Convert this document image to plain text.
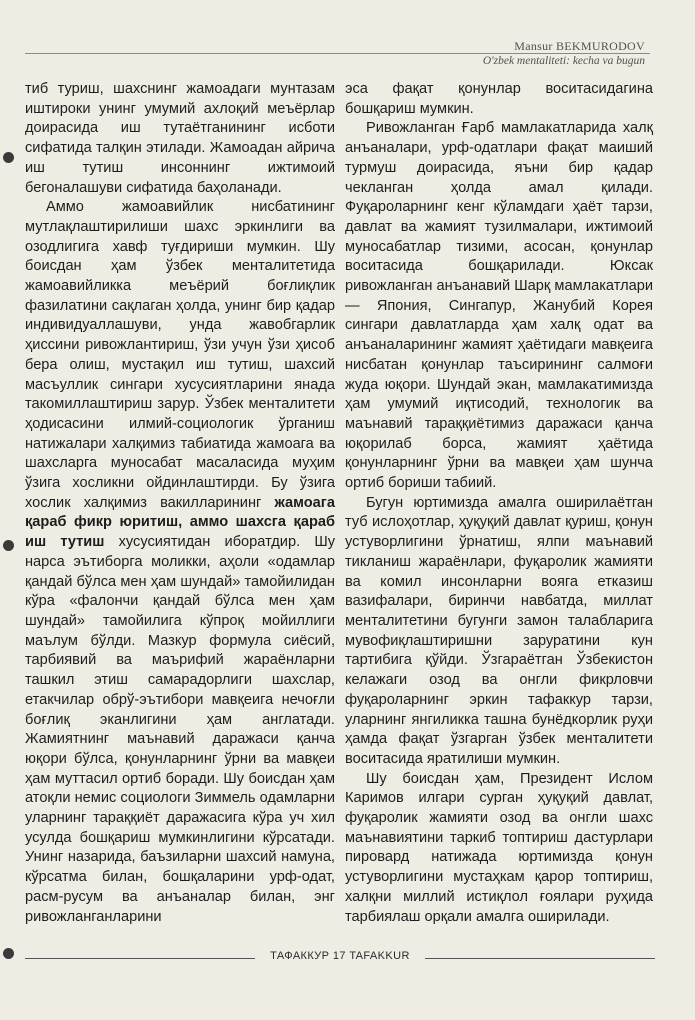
Mansur BEKMURODOV
O'zbek mentaliteti: kecha va bugun

тиб туриш, шахснинг жамоадаги мунтазам иштироки унинг умумий ахлоқий меъёрлар доирасида иш тутаётганининг исботи сифатида талқин этилади. Жамоадан айрича иш тутиш инсоннинг ижтимоий бегоналашуви сифатида баҳоланади.

Аммо жамоавийлик нисбатининг мутлақлаштирилиши шахс эркинлиги ва озодлигига хавф туғдириши мумкин. Шу боисдан ҳам ўзбек менталитетида жамоавийликка меъёрий боғлиқлик фазилатини сақлаган ҳолда, унинг бир қадар индивидуаллашуви, унда жавобгарлик ҳиссини ривожлантириш, ўзи учун ўзи ҳисоб бера олиш, мустақил иш тутиш, шахсий масъуллик сингари хусусиятларини янада такомиллаштириш зарур. Ўзбек менталитети ҳодисасини илмий-социологик ўрганиш натижалари халқимиз табиатида жамоага ва шахсларга муносабат масаласида муҳим ўзига хосликни ойдинлаштирди. Бу ўзига хослик халқимиз вакилларининг жамоага қараб фикр юритиш, аммо шахсга қараб иш тутиш хусусиятидан иборатдир. Шу нарса эътиборга моликки, аҳоли «одамлар қандай бўлса мен ҳам шундай» тамойилидан кўра «фалончи қандай бўлса мен ҳам шундай» тамойилига кўпроқ мойиллиги маълум бўлди. Мазкур формула сиёсий, тарбиявий ва маърифий жараёнларни ташкил этиш самарадорлиги шахслар, етакчилар обрў-эътибори мавқеига нечоғли боғлиқ эканлигини ҳам англатади. Жамиятнинг маънавий даражаси қанча юқори бўлса, қонунларнинг ўрни ва мавқеи ҳам муттасил ортиб боради. Шу боисдан ҳам атоқли немис социологи Зиммель одамларни уларнинг тараққиёт даражасига кўра уч хил усулда бошқариш мумкинлигини кўрсатади. Унинг назарида, баъзиларни шахсий намуна, кўрсатма билан, бошқаларини урф-одат, расм-русум ва анъаналар билан, энг ривожланганларини

эса фақат қонунлар воситасидагина бошқариш мумкин.

Ривожланган Ғарб мамлакатларида халқ анъаналари, урф-одатлари фақат маиший турмуш доирасида, яъни бир қадар чекланган ҳолда амал қилади. Фуқароларнинг кенг кўламдаги ҳаёт тарзи, давлат ва жамият тузилмалари, ижтимоий муносабатлар тизими, асосан, қонунлар воситасида бошқарилади. Юксак ривожланган анъанавий Шарқ мамлакатлари — Япония, Сингапур, Жанубий Корея сингари давлатларда ҳам халқ одат ва анъаналарининг жамият ҳаётидаги мавқеига нисбатан қонунлар таъсирининг салмоғи жуда юқори. Шундай экан, мамлакатимизда ҳам умумий иқтисодий, технологик ва маънавий тараққиётимиз даражаси қанча юқорилаб борса, жамият ҳаётида қонунларнинг ўрни ва мавқеи ҳам шунча ортиб бориши табиий.

Бугун юртимизда амалга оширилаётган туб ислоҳотлар, ҳуқуқий давлат қуриш, қонун устуворлигини ўрнатиш, ялпи маънавий тикланиш жараёнлари, фуқаролик жамияти ва комил инсонларни вояга етказиш вазифалари, биринчи навбатда, миллат менталитетини бугунги замон талабларига мувофиқлаштиришни заруратини кун тартибига қўйди. Ўзгараётган Ўзбекистон келажаги озод ва онгли фикрловчи фуқароларнинг эркин тафаккур тарзи, уларнинг янгиликка ташна бунёдкорлик руҳи ҳамда фақат ўзгарган ўзбек менталитети воситасида яратилиши мумкин.

Шу боисдан ҳам, Президент Ислом Каримов илгари сурган ҳуқуқий давлат, фуқаролик жамияти озод ва онгли шахс маънавиятини таркиб топтириш дастурлари пировард натижада юртимизда қонун устуворлигини мустаҳкам қарор топтириш, халқни миллий истиқлол ғоялари руҳида тарбиялаш орқали амалга оширилади.

ТАФАККУР 17 TAFAKKUR
